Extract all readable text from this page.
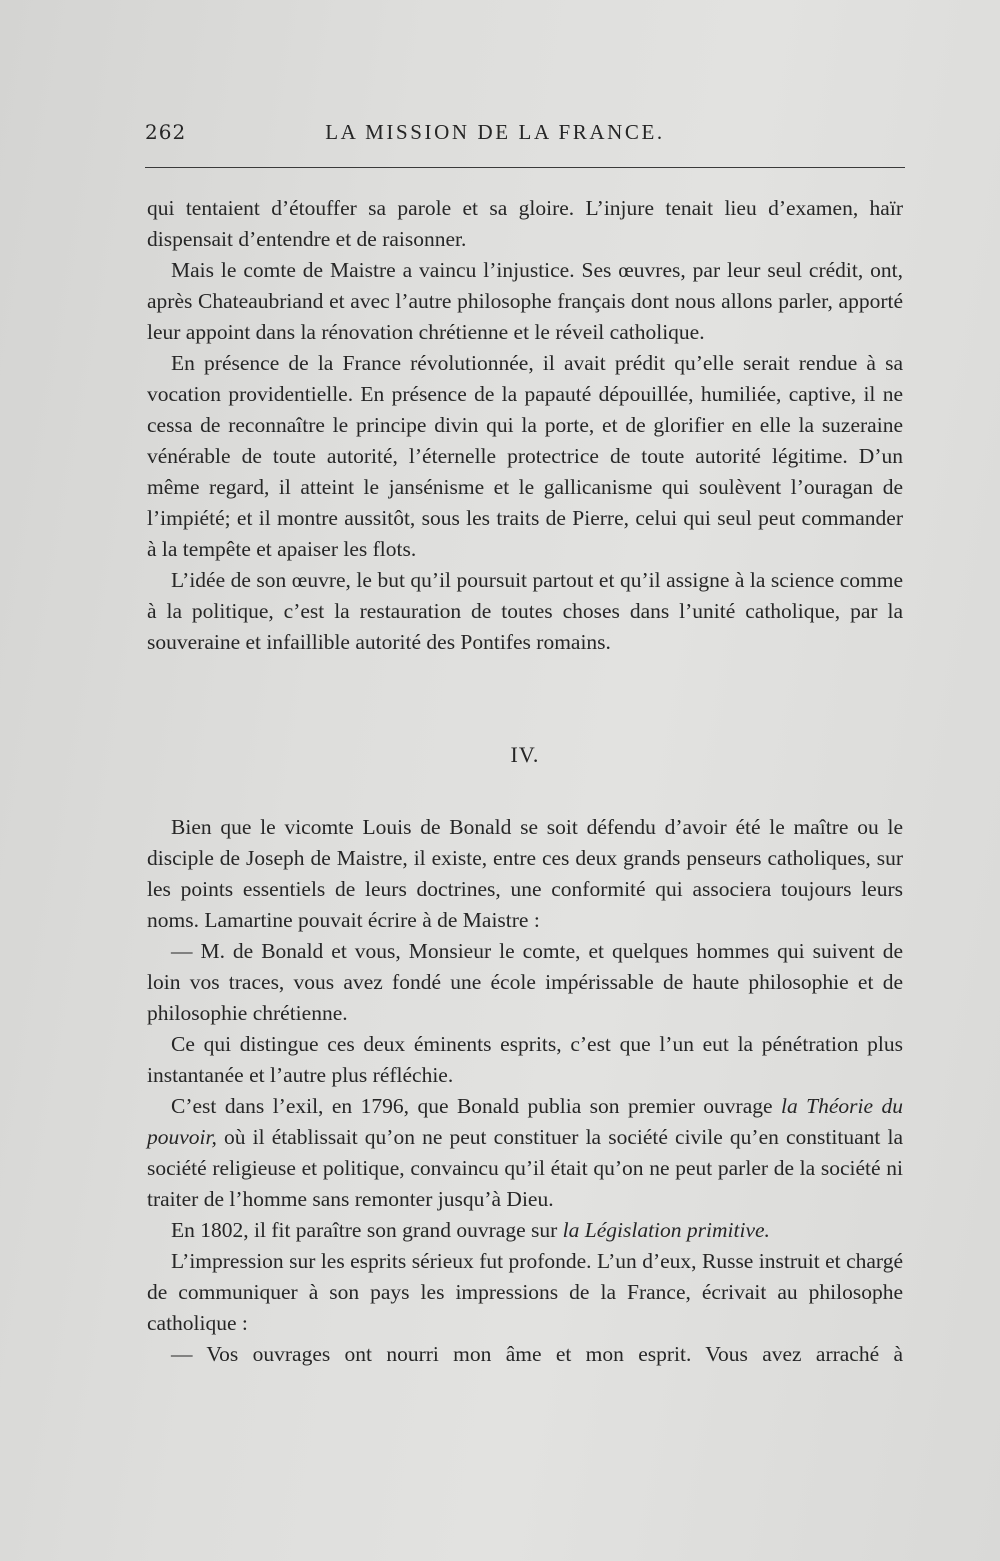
262	LA MISSION DE LA FRANCE.

qui tentaient d’étouffer sa parole et sa gloire. L’injure tenait lieu d’examen, haïr dispensait d’entendre et de raisonner.

Mais le comte de Maistre a vaincu l’injustice. Ses œuvres, par leur seul crédit, ont, après Chateaubriand et avec l’autre philosophe français dont nous allons parler, apporté leur appoint dans la rénovation chrétienne et le réveil catholique.

En présence de la France révolutionnée, il avait prédit qu’elle serait rendue à sa vocation providentielle. En présence de la papauté dépouillée, humiliée, captive, il ne cessa de reconnaître le principe divin qui la porte, et de glorifier en elle la suzeraine vénérable de toute autorité, l’éternelle protectrice de toute autorité légitime. D’un même regard, il atteint le jansénisme et le gallicanisme qui soulèvent l’ouragan de l’impiété; et il montre aussitôt, sous les traits de Pierre, celui qui seul peut commander à la tempête et apaiser les flots.

L’idée de son œuvre, le but qu’il poursuit partout et qu’il assigne à la science comme à la politique, c’est la restauration de toutes choses dans l’unité catholique, par la souveraine et infaillible autorité des Pontifes romains.

IV.

Bien que le vicomte Louis de Bonald se soit défendu d’avoir été le maître ou le disciple de Joseph de Maistre, il existe, entre ces deux grands penseurs catholiques, sur les points essentiels de leurs doctrines, une conformité qui associera toujours leurs noms. Lamartine pouvait écrire à de Maistre :

— M. de Bonald et vous, Monsieur le comte, et quelques hommes qui suivent de loin vos traces, vous avez fondé une école impérissable de haute philosophie et de philosophie chrétienne.

Ce qui distingue ces deux éminents esprits, c’est que l’un eut la pénétration plus instantanée et l’autre plus réfléchie.

C’est dans l’exil, en 1796, que Bonald publia son premier ouvrage la Théorie du pouvoir, où il établissait qu’on ne peut constituer la société civile qu’en constituant la société religieuse et politique, convaincu qu’il était qu’on ne peut parler de la société ni traiter de l’homme sans remonter jusqu’à Dieu.

En 1802, il fit paraître son grand ouvrage sur la Législation primitive.

L’impression sur les esprits sérieux fut profonde. L’un d’eux, Russe instruit et chargé de communiquer à son pays les impressions de la France, écrivait au philosophe catholique :

— Vos ouvrages ont nourri mon âme et mon esprit. Vous avez arraché à
